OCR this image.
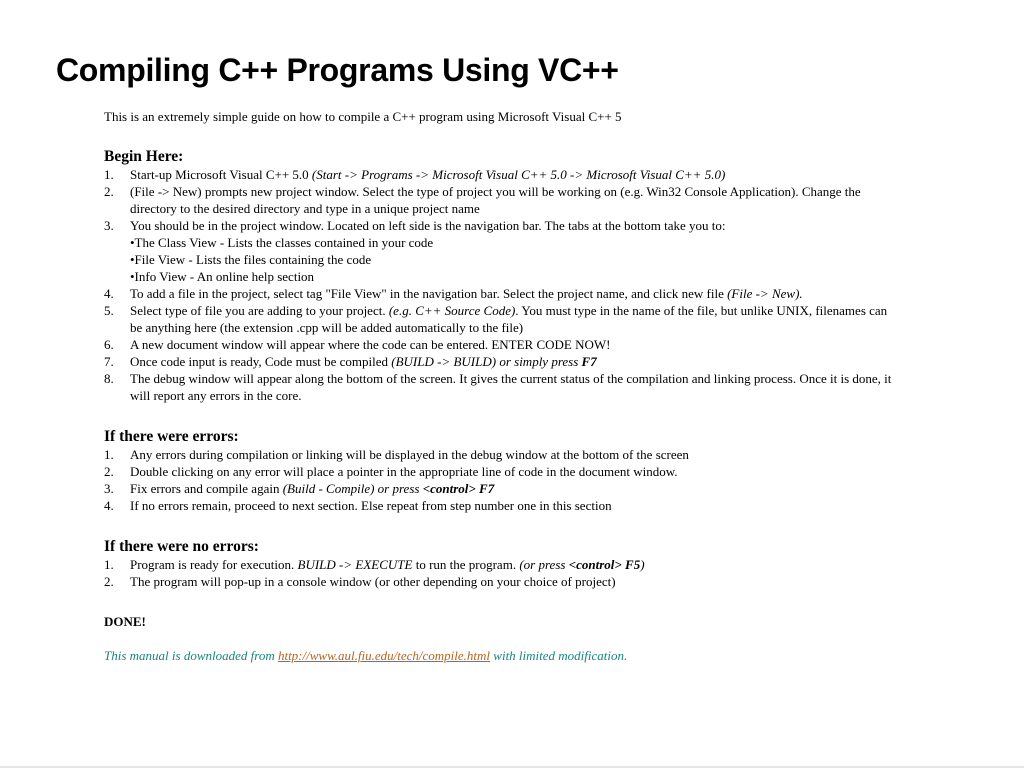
Compiling C++ Programs Using VC++

This is an extremely simple guide on how to compile a C++ program using Microsoft Visual C++ 5

Begin Here:
1.	Start-up Microsoft Visual C++ 5.0 (Start -> Programs -> Microsoft Visual C++ 5.0 -> Microsoft Visual C++ 5.0)
2.	(File -> New) prompts new project window. Select the type of project you will be working on (e.g. Win32 Console Application). Change the directory to the desired directory and type in a unique project name
3.	You should be in the project window. Located on left side is the navigation bar. The tabs at the bottom take you to:
•The Class View - Lists the classes contained in your code
•File View - Lists the files containing the code
•Info View - An online help section
4.	To add a file in the project, select tag "File View" in the navigation bar. Select the project name, and click new file (File -> New).
5.	Select type of file you are adding to your project. (e.g. C++ Source Code). You must type in the name of the file, but unlike UNIX, filenames can be anything here (the extension .cpp will be added automatically to the file)
6.	A new document window will appear where the code can be entered. ENTER CODE NOW!
7.	Once code input is ready, Code must be compiled (BUILD -> BUILD) or simply press F7
8.	The debug window will appear along the bottom of the screen. It gives the current status of the compilation and linking process. Once it is done, it will report any errors in the core.
If there were errors:
1.	Any errors during compilation or linking will be displayed in the debug window at the bottom of the screen
2.	Double clicking on any error will place a pointer in the appropriate line of code in the document window.
3.	Fix errors and compile again (Build - Compile) or press <control> F7
4.	If no errors remain, proceed to next section. Else repeat from step number one in this section
If there were no errors:
1.	Program is ready for execution. BUILD -> EXECUTE to run the program. (or press <control> F5)
2.	The program will pop-up in a console window (or other depending on your choice of project)

DONE!

This manual is downloaded from http://www.aul.fiu.edu/tech/compile.html with limited modification.
